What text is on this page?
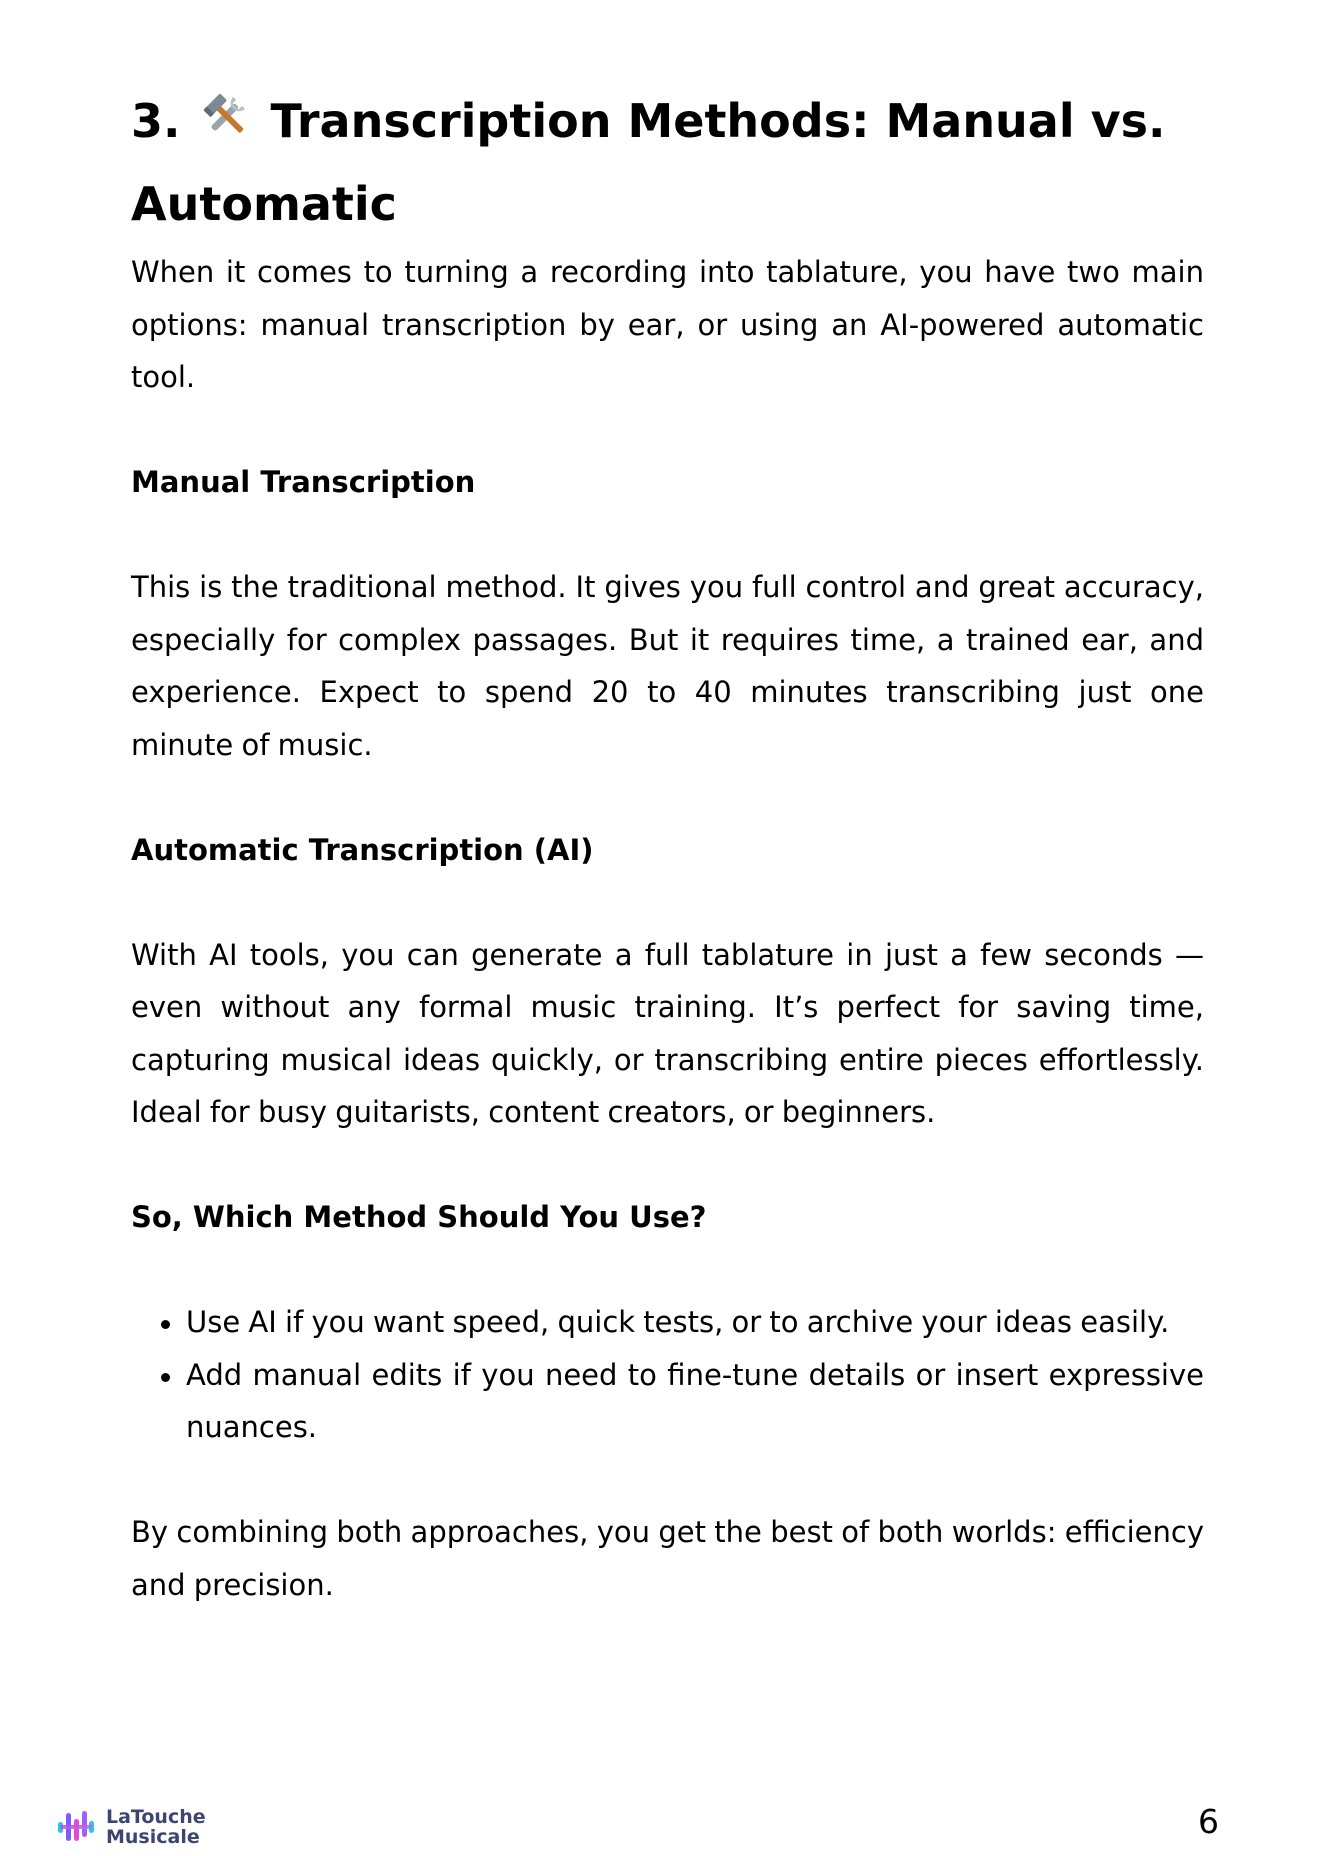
3. Transcription Methods: Manual vs.
Automatic

When it comes to turning a recording into tablature, you have two main options: manual transcription by ear, or using an AI-powered automatic tool.

Manual Transcription

This is the traditional method. It gives you full control and great accuracy, especially for complex passages. But it requires time, a trained ear, and experience. Expect to spend 20 to 40 minutes transcribing just one minute of music.

Automatic Transcription (AI)

With AI tools, you can generate a full tablature in just a few seconds — even without any formal music training. It’s perfect for saving time, capturing musical ideas quickly, or transcribing entire pieces effortlessly. Ideal for busy guitarists, content creators, or beginners.

So, Which Method Should You Use?
Use AI if you want speed, quick tests, or to archive your ideas easily.
Add manual edits if you need to fine-tune details or insert expressive nuances.

By combining both approaches, you get the best of both worlds: efficiency and precision.

LaTouche
Musicale	6
